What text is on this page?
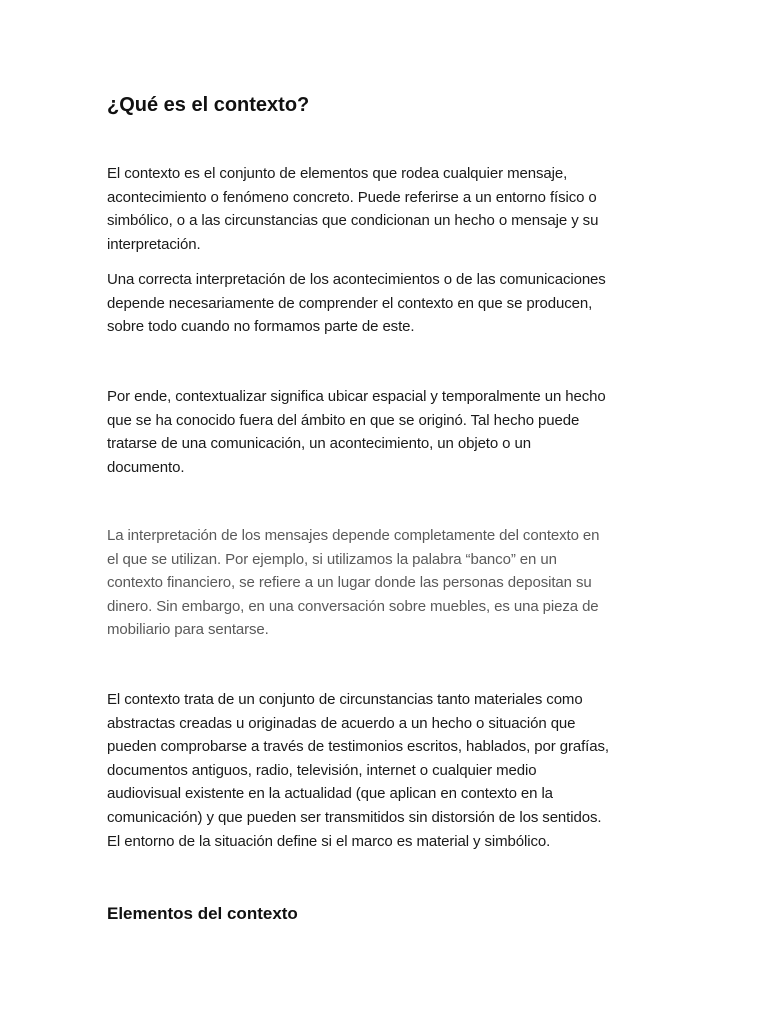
¿Qué es el contexto?
El contexto es el conjunto de elementos que rodea cualquier mensaje,
acontecimiento o fenómeno concreto. Puede referirse a un entorno físico o
simbólico, o a las circunstancias que condicionan un hecho o mensaje y su
interpretación.
Una correcta interpretación de los acontecimientos o de las comunicaciones
depende necesariamente de comprender el contexto en que se producen,
sobre todo cuando no formamos parte de este.
Por ende, contextualizar significa ubicar espacial y temporalmente un hecho
que se ha conocido fuera del ámbito en que se originó. Tal hecho puede
tratarse de una comunicación, un acontecimiento, un objeto o un
documento.
La interpretación de los mensajes depende completamente del contexto en
el que se utilizan. Por ejemplo, si utilizamos la palabra “banco” en un
contexto financiero, se refiere a un lugar donde las personas depositan su
dinero. Sin embargo, en una conversación sobre muebles, es una pieza de
mobiliario para sentarse.
El contexto trata de un conjunto de circunstancias tanto materiales como
abstractas creadas u originadas de acuerdo a un hecho o situación que
pueden comprobarse a través de testimonios escritos, hablados, por grafías,
documentos antiguos, radio, televisión, internet o cualquier medio
audiovisual existente en la actualidad (que aplican en contexto en la
comunicación) y que pueden ser transmitidos sin distorsión de los sentidos.
El entorno de la situación define si el marco es material y simbólico.
Elementos del contexto
